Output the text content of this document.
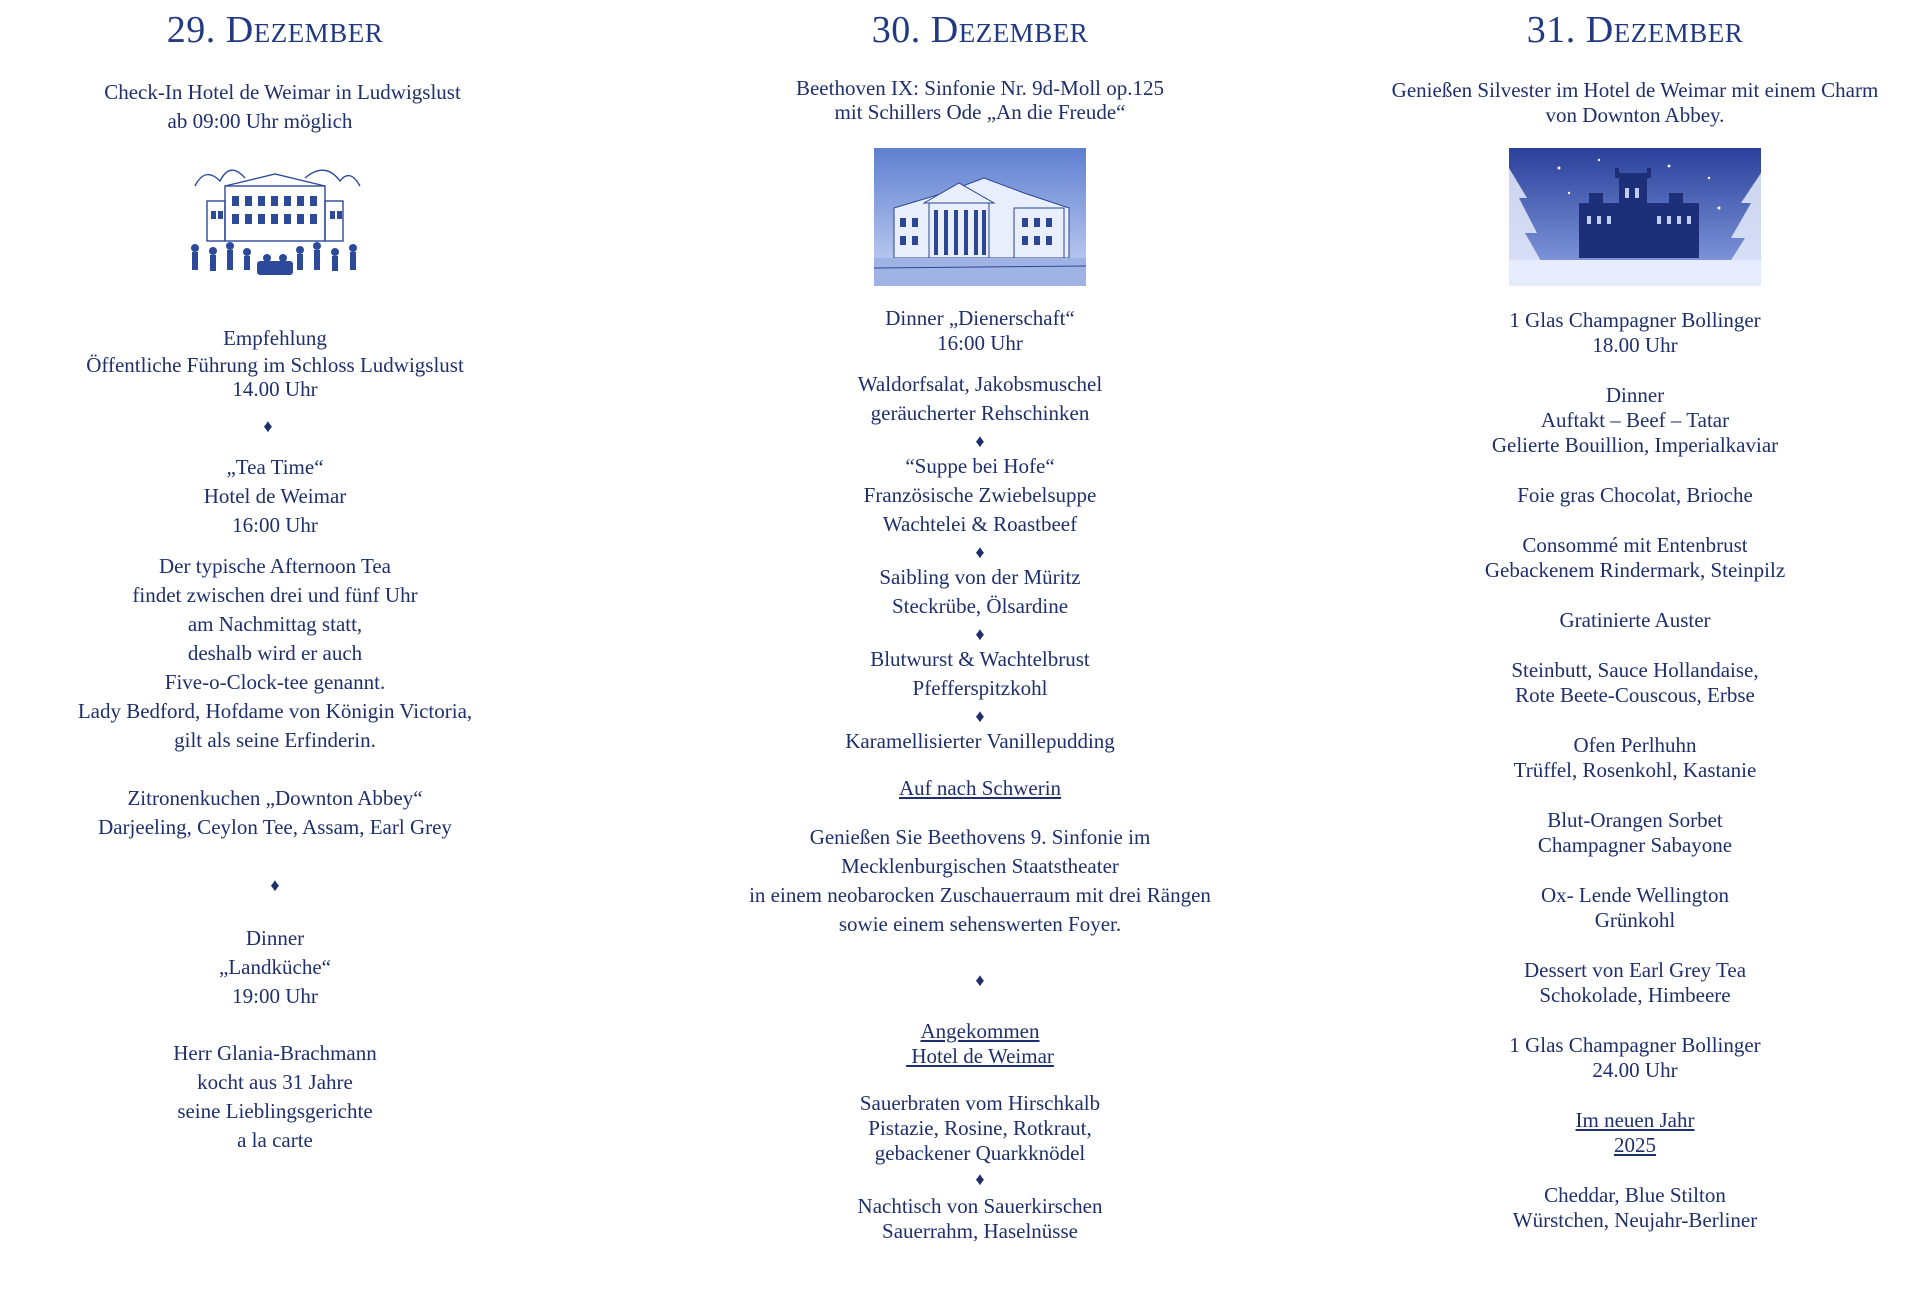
29. Dezember
Check-In Hotel de Weimar in Ludwigslust
ab 09:00 Uhr möglich
Empfehlung
Öffentliche Führung im Schloss Ludwigslust
14.00 Uhr
♦
„Tea Time“
Hotel de Weimar
16:00 Uhr
Der typische Afternoon Tea
findet zwischen drei und fünf Uhr
am Nachmittag statt,
deshalb wird er auch
Five-o-Clock-tee genannt.
Lady Bedford, Hofdame von Königin Victoria,
gilt als seine Erfinderin.
Zitronenkuchen „Downton Abbey“
Darjeeling, Ceylon Tee, Assam, Earl Grey
♦
Dinner
„Landküche“
19:00 Uhr
Herr Glania-Brachmann
kocht aus 31 Jahre
seine Lieblingsgerichte
a la carte
30. Dezember
Beethoven IX: Sinfonie Nr. 9d-Moll op.125
mit Schillers Ode „An die Freude“
Dinner „Dienerschaft“
16:00 Uhr
Waldorfsalat, Jakobsmuschel
geräucherter Rehschinken
♦
“Suppe bei Hofe“
Französische Zwiebelsuppe
Wachtelei & Roastbeef
♦
Saibling von der Müritz
Steckrübe, Ölsardine
♦
Blutwurst & Wachtelbrust
Pfefferspitzkohl
♦
Karamellisierter Vanillepudding
Auf nach Schwerin
Genießen Sie Beethovens 9. Sinfonie im
Mecklenburgischen Staatstheater
in einem neobarocken Zuschauerraum mit drei Rängen
sowie einem sehenswerten Foyer.
♦
Angekommen
Hotel de Weimar
Sauerbraten vom Hirschkalb
Pistazie, Rosine, Rotkraut,
gebackener Quarkknödel
♦
Nachtisch von Sauerkirschen
Sauerrahm, Haselnüsse
31. Dezember
Genießen Silvester im Hotel de Weimar mit einem Charm
von Downton Abbey.
1 Glas Champagner Bollinger
18.00 Uhr
Dinner
Auftakt – Beef – Tatar
Gelierte Bouillion, Imperialkaviar
Foie gras Chocolat, Brioche
Consommé mit Entenbrust
Gebackenem Rindermark, Steinpilz
Gratinierte Auster
Steinbutt, Sauce Hollandaise,
Rote Beete-Couscous, Erbse
Ofen Perlhuhn
Trüffel, Rosenkohl, Kastanie
Blut-Orangen Sorbet
Champagner Sabayone
Ox- Lende Wellington
Grünkohl
Dessert von Earl Grey Tea
Schokolade, Himbeere
1 Glas Champagner Bollinger
24.00 Uhr
Im neuen Jahr
2025
Cheddar, Blue Stilton
Würstchen, Neujahr-Berliner
